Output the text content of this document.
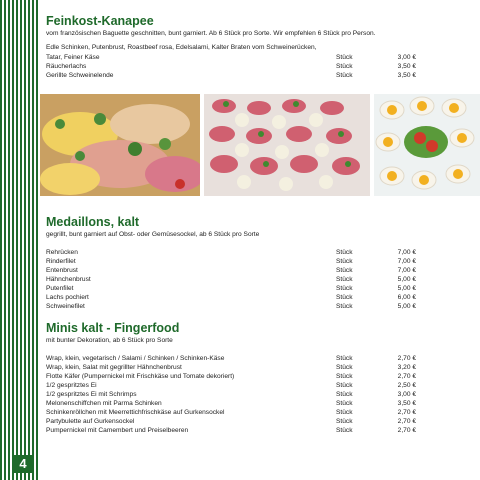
4
Feinkost-Kanapee
vom französischen Baguette geschnitten, bunt garniert. Ab 6 Stück pro Sorte. Wir empfehlen 6 Stück pro Person.
Edle Schinken, Putenbrust, Roastbeef rosa, Edelsalami, Kalter Braten vom Schweinerücken,
Tatar, Feiner Käse	Stück	3,00 €
Räucherlachs	Stück	3,50 €
Gerillte Schweinelende	Stück	3,50 €
Medaillons, kalt
gegrillt, bunt garniert auf Obst- oder Gemüsesockel, ab 6 Stück pro Sorte
Rehrücken	Stück	7,00 €
Rinderfilet	Stück	7,00 €
Entenbrust	Stück	7,00 €
Hähnchenbrust	Stück	5,00 €
Putenfilet	Stück	5,00 €
Lachs pochiert	Stück	6,00 €
Schweinefilet	Stück	5,00 €
Minis kalt - Fingerfood
mit bunter Dekoration, ab 6 Stück pro Sorte
Wrap, klein, vegetarisch / Salami / Schinken / Schinken-Käse	Stück	2,70 €
Wrap, klein, Salat mit gegrillter Hähnchenbrust	Stück	3,20 €
Flotte Käfer (Pumpernickel mit Frischkäse und Tomate dekoriert)	Stück	2,70 €
1/2 gespritztes Ei	Stück	2,50 €
1/2 gespritztes Ei mit Schrimps	Stück	3,00 €
Melonenschiffchen mit Parma Schinken	Stück	3,50 €
Schinkenröllchen mit Meerrettichfrischkäse auf Gurkensockel	Stück	2,70 €
Partybulette auf Gurkensockel	Stück	2,70 €
Pumpernickel mit Camembert und Preiselbeeren	Stück	2,70 €
